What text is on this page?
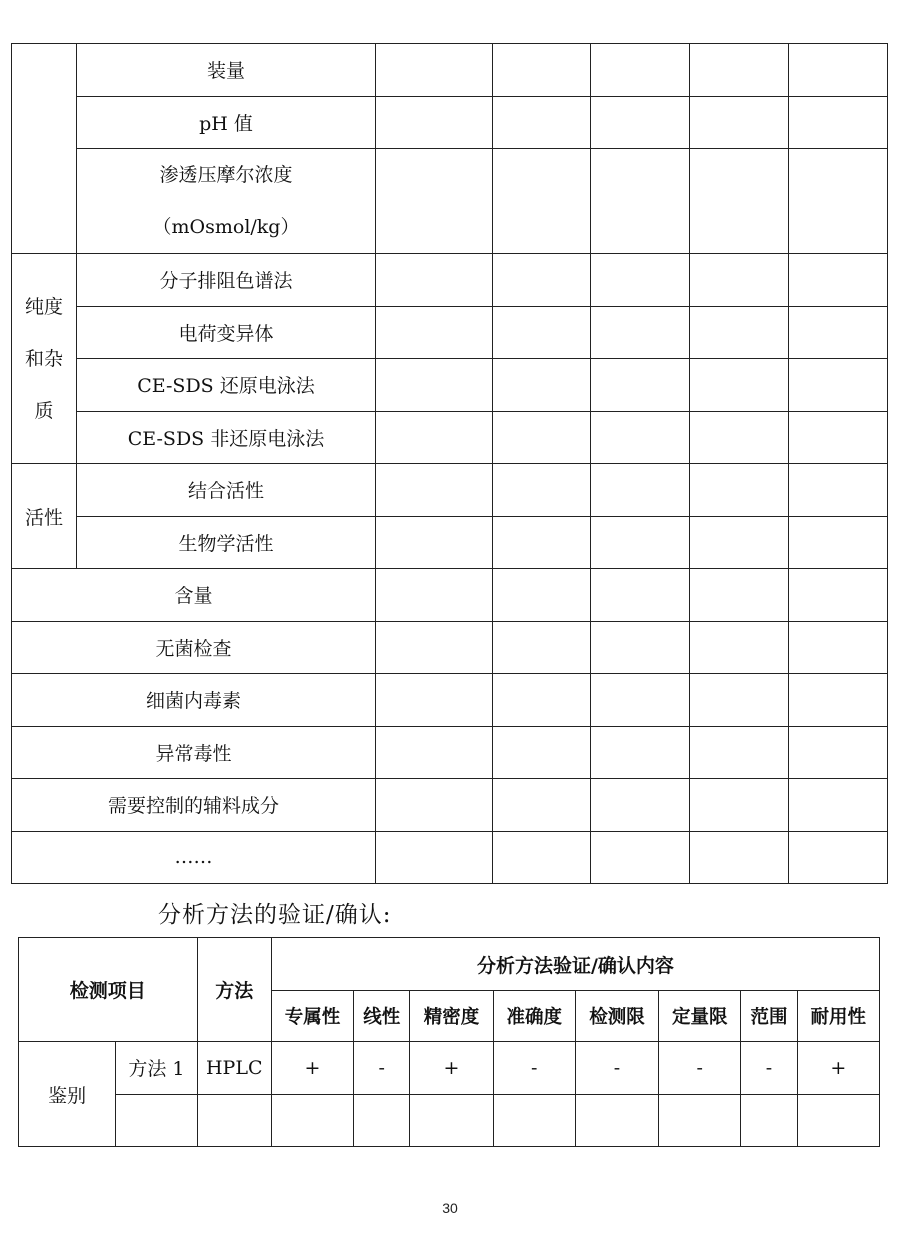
	装量					
	pH 值					

	渗透压摩尔浓度
（mOsmol/kg）					

纯度
和杂
质	分子排阻色谱法					
	电荷变异体					
	CE-SDS 还原电泳法					
	CE-SDS 非还原电泳法					
活性	结合活性					
	生物学活性					
含量						
无菌检查						
细菌内毒素						
异常毒性						
需要控制的辅料成分						
……						
分析方法的验证/确认:
检测项目		方法	分析方法验证/确认内容							
			专属性	线性	精密度	准确度	检测限	定量限	范围	耐用性
鉴别	方法 1	HPLC	+	-	+	-	-	-	-	+

30
